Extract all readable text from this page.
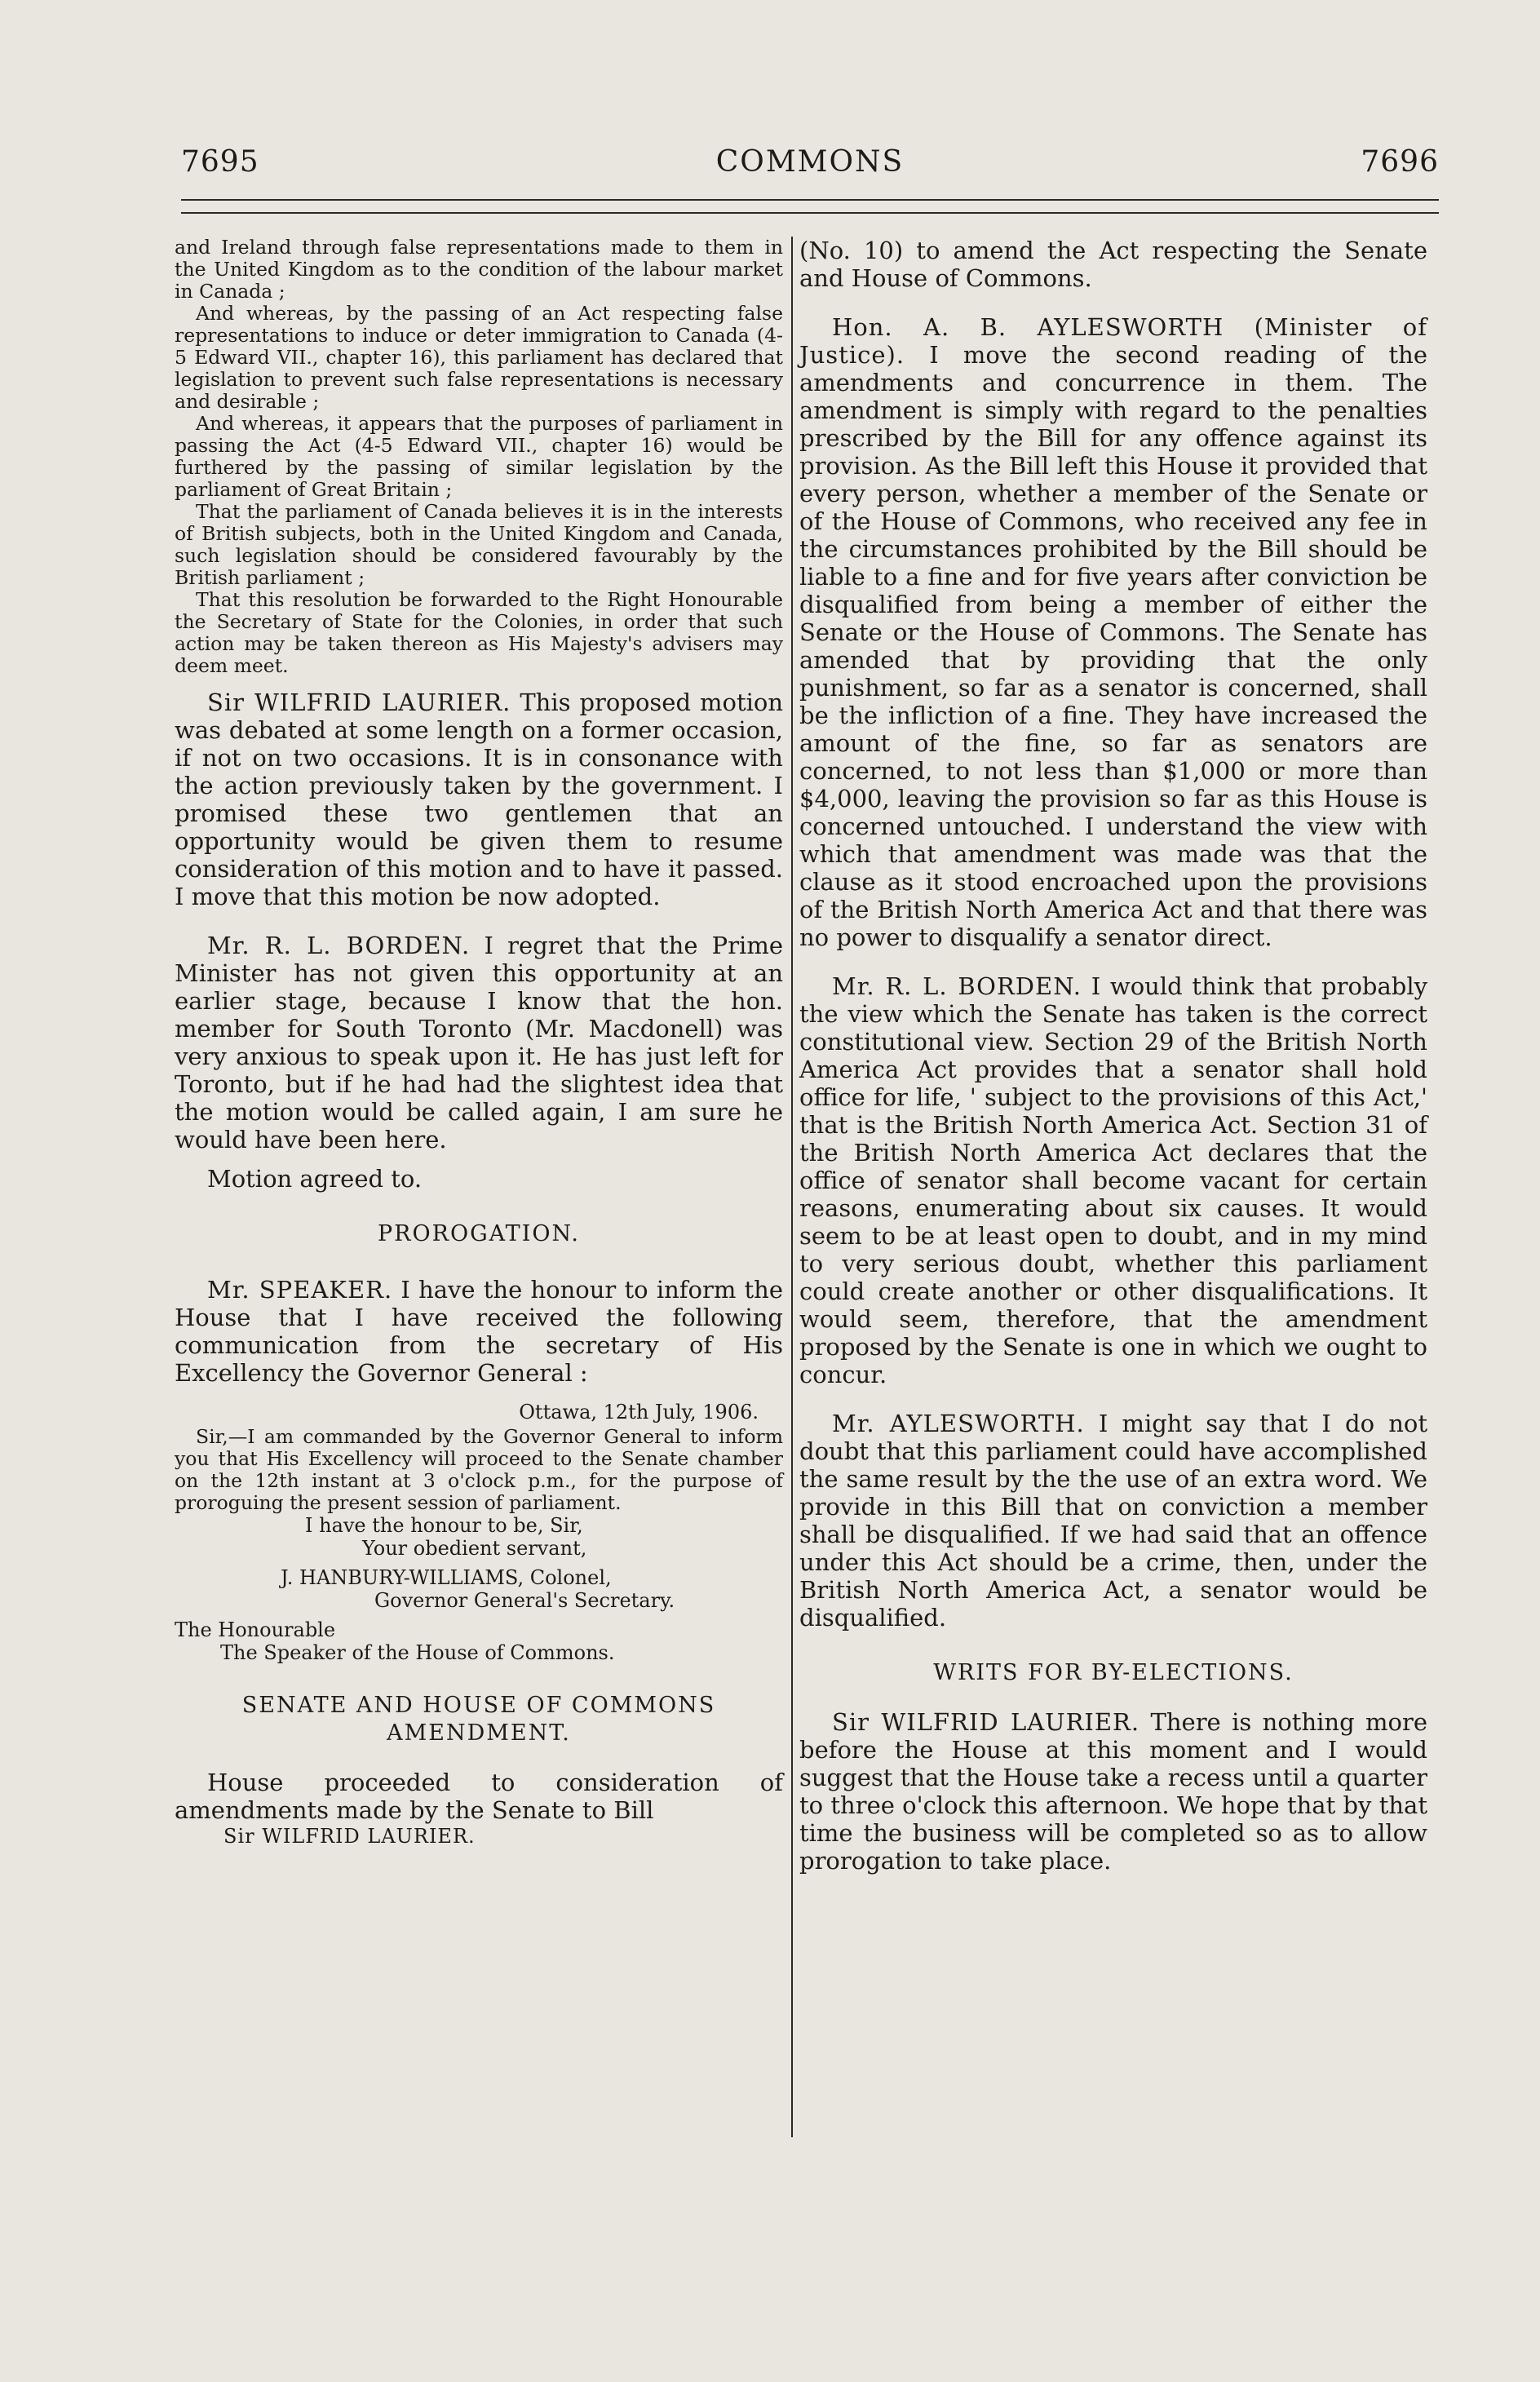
7695	COMMONS	7696

and Ireland through false representations made to them in the United Kingdom as to the condition of the labour market in Canada ;

And whereas, by the passing of an Act respecting false representations to induce or deter immigration to Canada (4-5 Edward VII., chapter 16), this parliament has declared that legislation to prevent such false representations is necessary and desirable ;

And whereas, it appears that the purposes of parliament in passing the Act (4-5 Edward VII., chapter 16) would be furthered by the passing of similar legislation by the parliament of Great Britain ;

That the parliament of Canada believes it is in the interests of British subjects, both in the United Kingdom and Canada, such legislation should be considered favourably by the British parliament ;

That this resolution be forwarded to the Right Honourable the Secretary of State for the Colonies, in order that such action may be taken thereon as His Majesty's advisers may deem meet.

Sir WILFRID LAURIER. This proposed motion was debated at some length on a former occasion, if not on two occasions. It is in consonance with the action previously taken by the government. I promised these two gentlemen that an opportunity would be given them to resume consideration of this motion and to have it passed. I move that this motion be now adopted.

Mr. R. L. BORDEN. I regret that the Prime Minister has not given this opportunity at an earlier stage, because I know that the hon. member for South Toronto (Mr. Macdonell) was very anxious to speak upon it. He has just left for Toronto, but if he had had the slightest idea that the motion would be called again, I am sure he would have been here.

Motion agreed to.

PROROGATION.

Mr. SPEAKER. I have the honour to inform the House that I have received the following communication from the secretary of His Excellency the Governor General :

Ottawa, 12th July, 1906.

Sir,—I am commanded by the Governor General to inform you that His Excellency will proceed to the Senate chamber on the 12th instant at 3 o'clock p.m., for the purpose of proroguing the present session of parliament.

I have the honour to be, Sir,

Your obedient servant,

J. HANBURY-WILLIAMS, Colonel,

Governor General's Secretary.

The Honourable

The Speaker of the House of Commons.

SENATE AND HOUSE OF COMMONS AMENDMENT.

House proceeded to consideration of amendments made by the Senate to Bill

Sir WILFRID LAURIER.

(No. 10) to amend the Act respecting the Senate and House of Commons.

Hon. A. B. AYLESWORTH (Minister of Justice). I move the second reading of the amendments and concurrence in them. The amendment is simply with regard to the penalties prescribed by the Bill for any offence against its provision. As the Bill left this House it provided that every person, whether a member of the Senate or of the House of Commons, who received any fee in the circumstances prohibited by the Bill should be liable to a fine and for five years after conviction be disqualified from being a member of either the Senate or the House of Commons. The Senate has amended that by providing that the only punishment, so far as a senator is concerned, shall be the infliction of a fine. They have increased the amount of the fine, so far as senators are concerned, to not less than $1,000 or more than $4,000, leaving the provision so far as this House is concerned untouched. I understand the view with which that amendment was made was that the clause as it stood encroached upon the provisions of the British North America Act and that there was no power to disqualify a senator direct.

Mr. R. L. BORDEN. I would think that probably the view which the Senate has taken is the correct constitutional view. Section 29 of the British North America Act provides that a senator shall hold office for life, ' subject to the provisions of this Act,' that is the British North America Act. Section 31 of the British North America Act declares that the office of senator shall become vacant for certain reasons, enumerating about six causes. It would seem to be at least open to doubt, and in my mind to very serious doubt, whether this parliament could create another or other disqualifications. It would seem, therefore, that the amendment proposed by the Senate is one in which we ought to concur.

Mr. AYLESWORTH. I might say that I do not doubt that this parliament could have accomplished the same result by the the use of an extra word. We provide in this Bill that on conviction a member shall be disqualified. If we had said that an offence under this Act should be a crime, then, under the British North America Act, a senator would be disqualified.

WRITS FOR BY-ELECTIONS.

Sir WILFRID LAURIER. There is nothing more before the House at this moment and I would suggest that the House take a recess until a quarter to three o'clock this afternoon. We hope that by that time the business will be completed so as to allow prorogation to take place.
